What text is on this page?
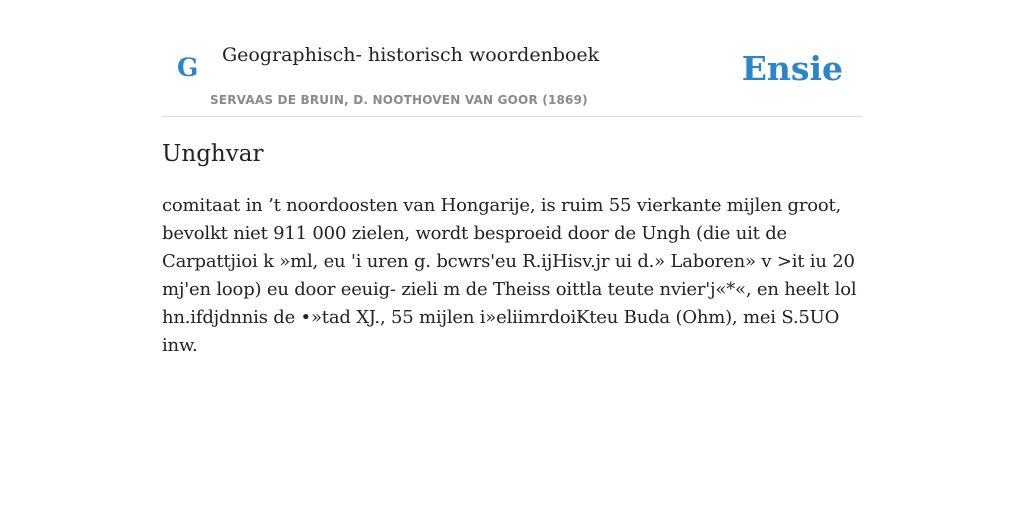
G Geographisch- historisch woordenboek
SERVAAS DE BRUIN, D. NOOTHOVEN VAN GOOR (1869)
Ensie
Unghvar

comitaat in ’t noordoosten van Hongarije, is ruim 55 vierkante mijlen groot, bevolkt niet 911 000 zielen, wordt besproeid door de Ungh (die uit de Carpattjioi k »ml, eu 'i uren g. bcwrs'eu R.ijHisv.jr ui d.» Laboren» v >it iu 20 mj'en loop) eu door eeuig- zieli m de Theiss oittla teute nvier'j«*«, en heelt lol hn.ifdjdnnis de •»tad XJ., 55 mijlen i»eliimrdoiKteu Buda (Ohm), mei S.5UO inw.
